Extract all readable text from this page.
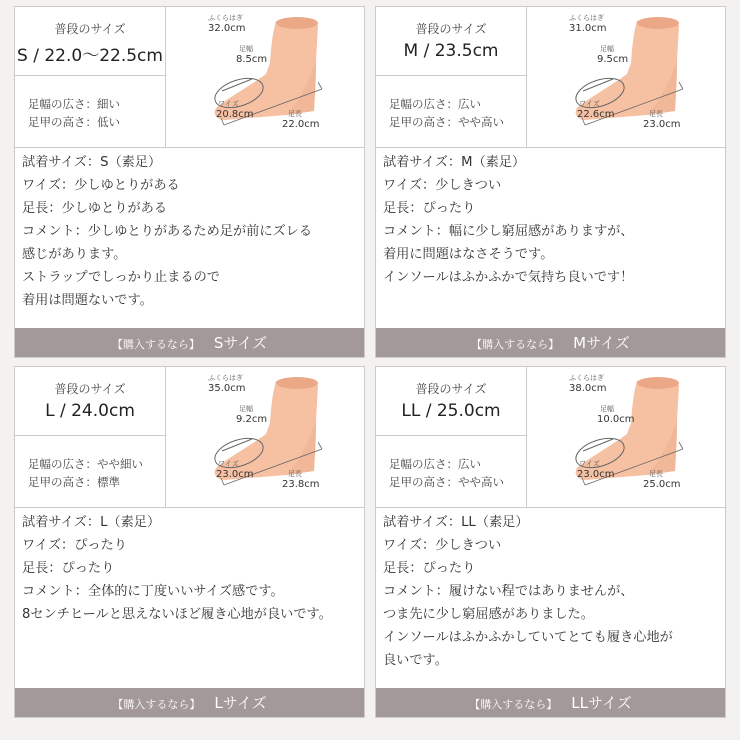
普段のサイズ
S / 22.0〜22.5cm
足幅の広さ：細い
足甲の高さ：低い
ふくらはぎ
32.0cm
足幅
8.5cm
ワイズ
20.8cm	足長
22.0cm
試着サイズ：S（素足）
ワイズ：少しゆとりがある
足長：少しゆとりがある
コメント：少しゆとりがあるため足が前にズレる
感じがあります。
ストラップでしっかり止まるので
着用は問題ないです。
【購入するなら】 Sサイズ
普段のサイズ
M / 23.5cm
足幅の広さ：広い
足甲の高さ：やや高い
ふくらはぎ
31.0cm
足幅
9.5cm
ワイズ
22.6cm	足長
23.0cm
試着サイズ：M（素足）
ワイズ：少しきつい
足長：ぴったり
コメント：幅に少し窮屈感がありますが、
着用に問題はなさそうです。
インソールはふかふかで気持ち良いです！
【購入するなら】 Mサイズ
普段のサイズ
L / 24.0cm
足幅の広さ：やや細い
足甲の高さ：標準
ふくらはぎ
35.0cm
足幅
9.2cm
ワイズ
23.0cm	足長
23.8cm
試着サイズ：L（素足）
ワイズ：ぴったり
足長：ぴったり
コメント：全体的に丁度いいサイズ感です。
8センチヒールと思えないほど履き心地が良いです。
【購入するなら】 Lサイズ
普段のサイズ
LL / 25.0cm
足幅の広さ：広い
足甲の高さ：やや高い
ふくらはぎ
38.0cm
足幅
10.0cm
ワイズ
23.0cm	足長
25.0cm
試着サイズ：LL（素足）
ワイズ：少しきつい
足長：ぴったり
コメント：履けない程ではありませんが、
つま先に少し窮屈感がありました。
インソールはふかふかしていてとても履き心地が
良いです。
【購入するなら】 LLサイズ
